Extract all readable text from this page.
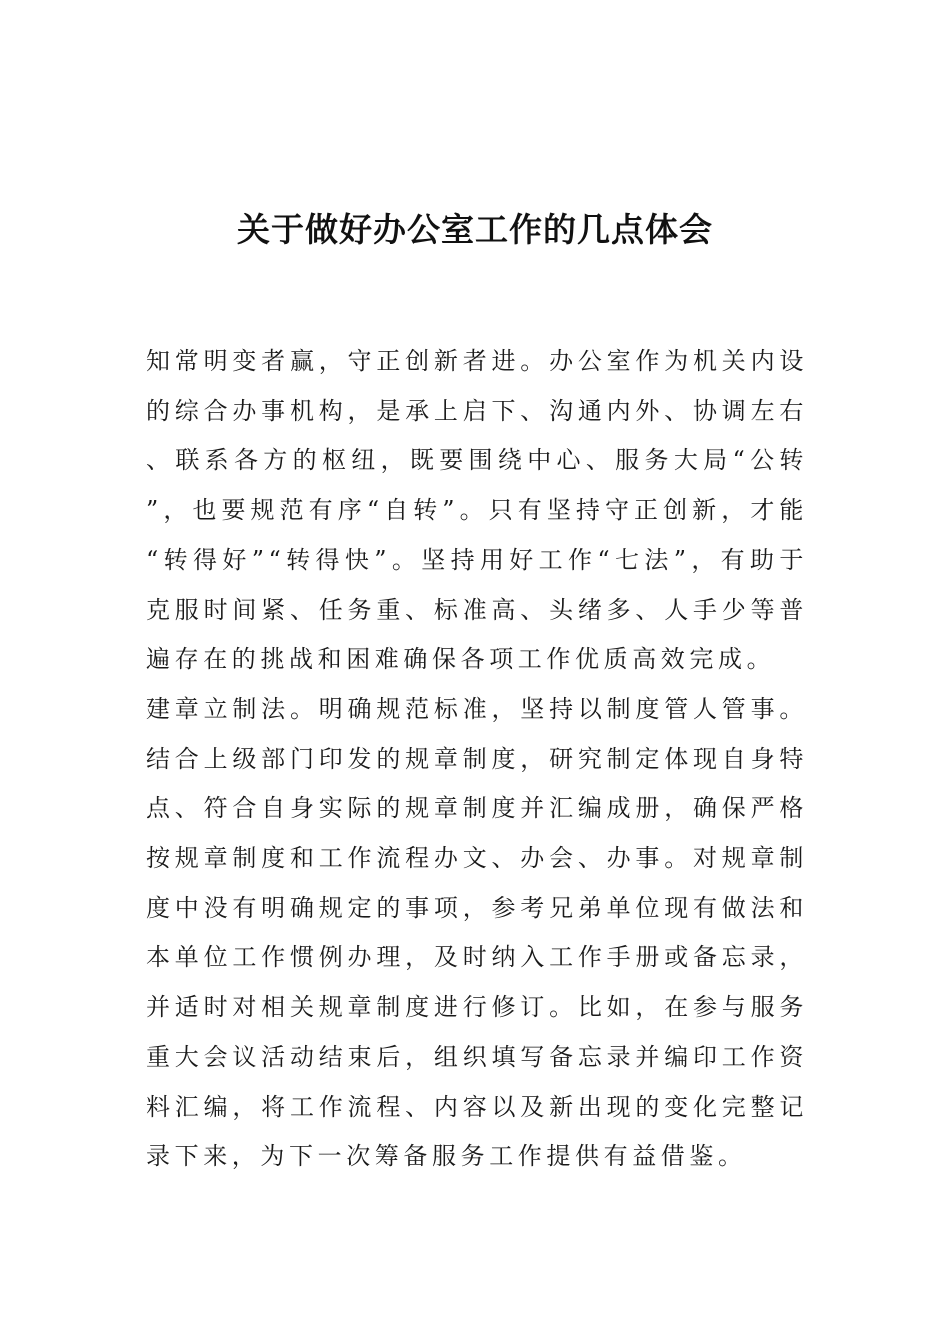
关于做好办公室工作的几点体会

知常明变者赢，守正创新者进。办公室作为机关内设的综合办事机构，是承上启下、沟通内外、协调左右、联系各方的枢纽，既要围绕中心、服务大局“公转”，也要规范有序“自转”。只有坚持守正创新，才能“转得好”“转得快”。坚持用好工作“七法”，有助于克服时间紧、任务重、标准高、头绪多、人手少等普遍存在的挑战和困难确保各项工作优质高效完成。

建章立制法。明确规范标准，坚持以制度管人管事。结合上级部门印发的规章制度，研究制定体现自身特点、符合自身实际的规章制度并汇编成册，确保严格按规章制度和工作流程办文、办会、办事。对规章制度中没有明确规定的事项，参考兄弟单位现有做法和本单位工作惯例办理，及时纳入工作手册或备忘录，并适时对相关规章制度进行修订。比如，在参与服务重大会议活动结束后，组织填写备忘录并编印工作资料汇编，将工作流程、内容以及新出现的变化完整记录下来，为下一次筹备服务工作提供有益借鉴。
